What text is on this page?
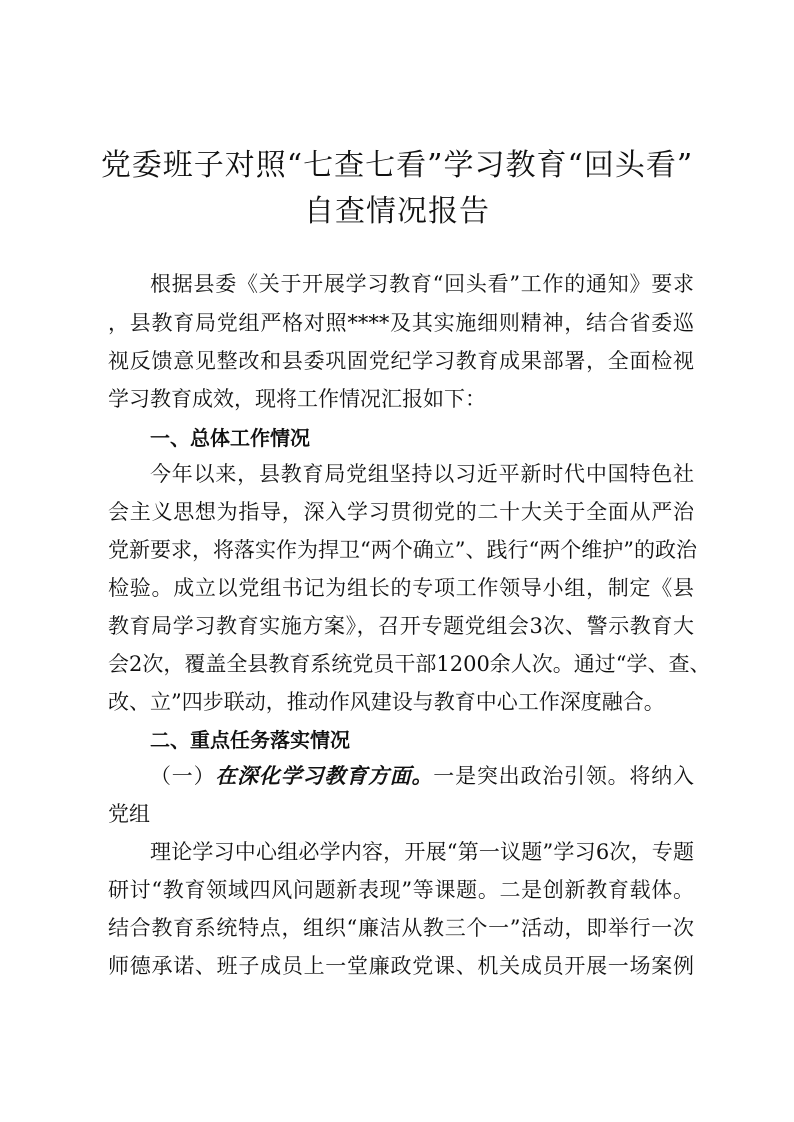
党委班子对照“七查七看”学习教育“回头看”
自查情况报告
根据县委《关于开展学习教育“回头看”工作的通知》要求
，县教育局党组严格对照****及其实施细则精神，结合省委巡
视反馈意见整改和县委巩固党纪学习教育成果部署，全面检视
学习教育成效，现将工作情况汇报如下：
一、总体工作情况
今年以来，县教育局党组坚持以习近平新时代中国特色社
会主义思想为指导，深入学习贯彻党的二十大关于全面从严治
党新要求，将落实作为捍卫“两个确立”、践行“两个维护”的政治
检验。成立以党组书记为组长的专项工作领导小组，制定《县
教育局学习教育实施方案》，召开专题党组会3次、警示教育大
会2次，覆盖全县教育系统党员干部1200余人次。通过“学、查、
改、立”四步联动，推动作风建设与教育中心工作深度融合。
二、重点任务落实情况
（一）在深化学习教育方面。一是突出政治引领。将纳入
党组
理论学习中心组必学内容，开展“第一议题”学习6次，专题
研讨“教育领域四风问题新表现”等课题。二是创新教育载体。
结合教育系统特点，组织“廉洁从教三个一”活动，即举行一次
师德承诺、班子成员上一堂廉政党课、机关成员开展一场案例
